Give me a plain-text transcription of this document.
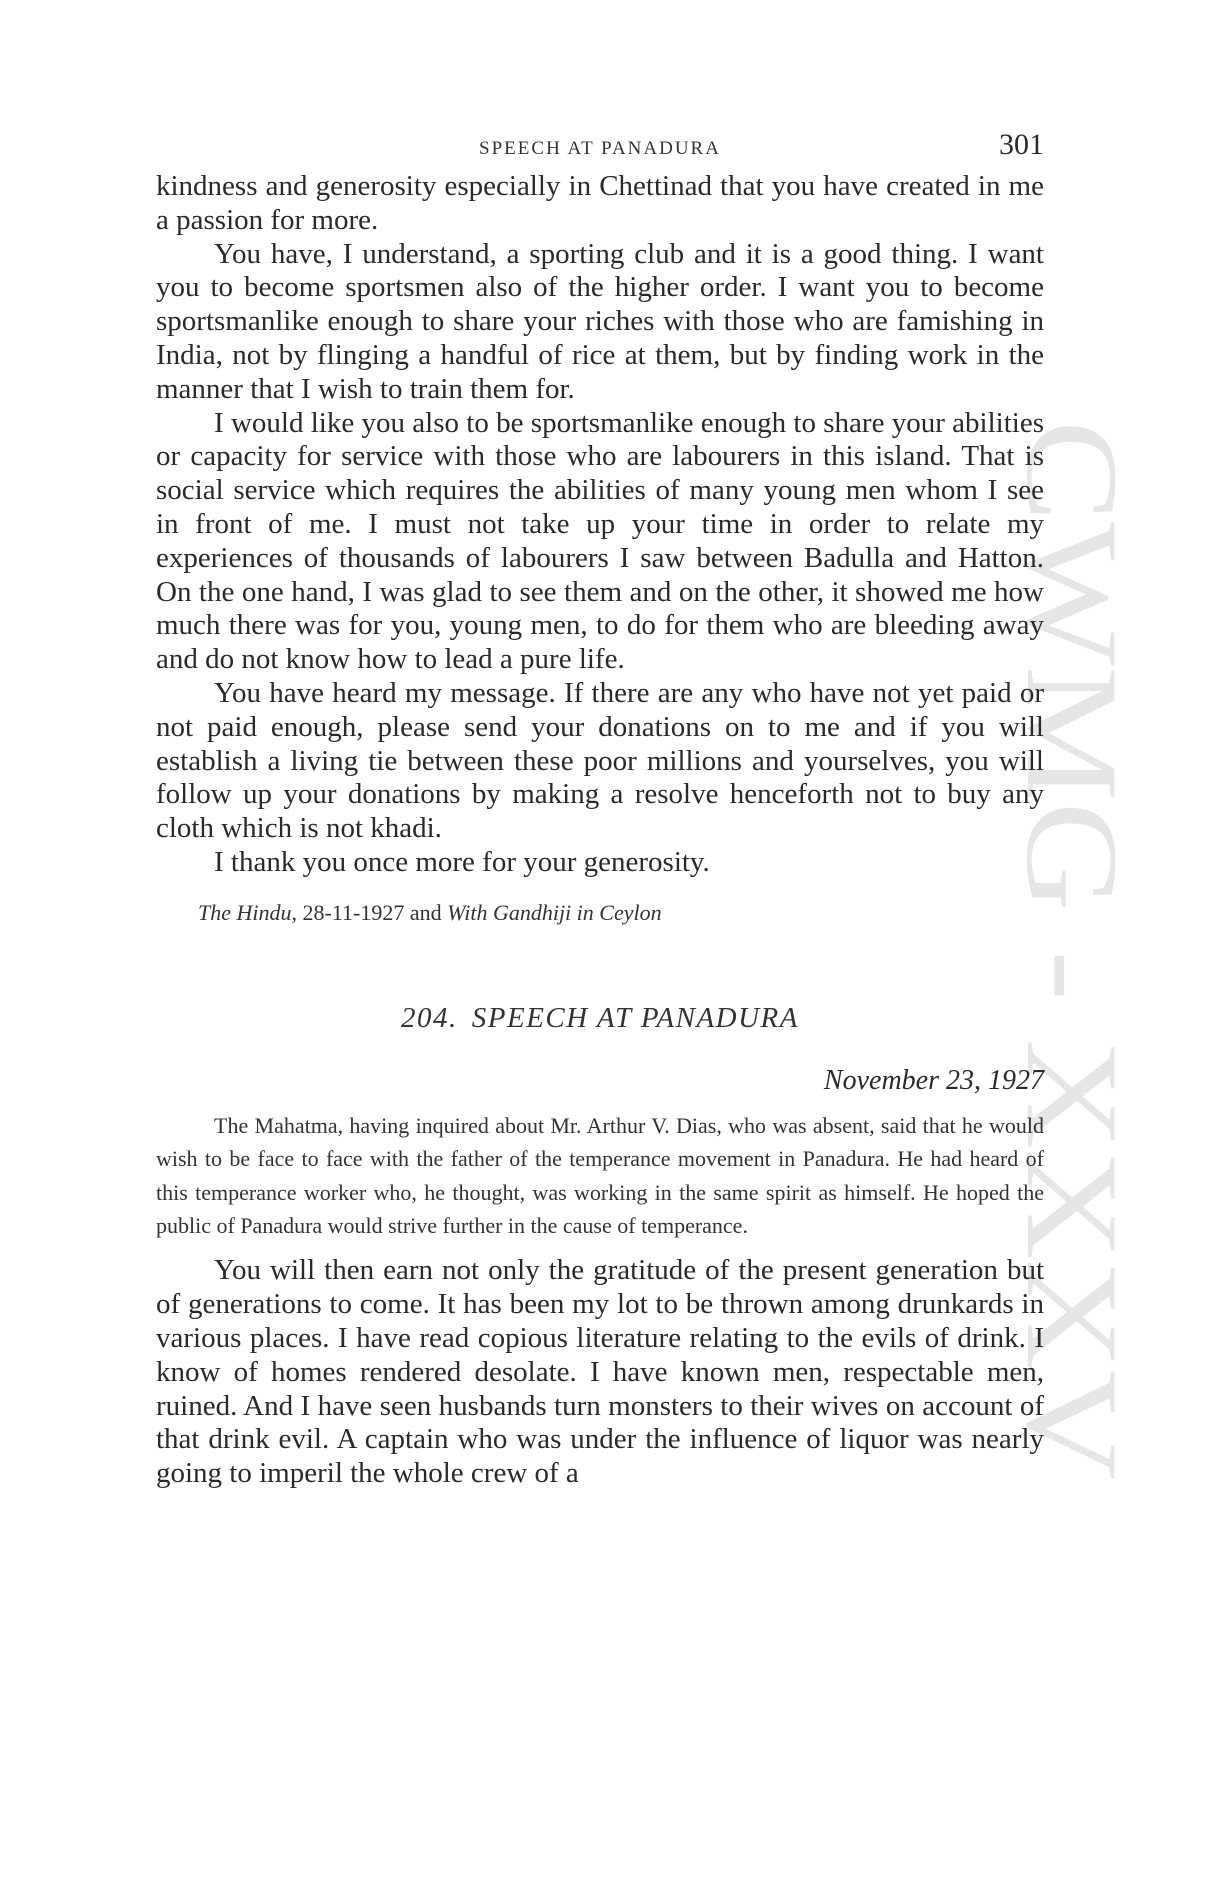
CWMG - XXXV
SPEECH AT PANADURA	301

kindness and generosity especially in Chettinad that you have created in me a passion for more.

You have, I understand, a sporting club and it is a good thing. I want you to become sportsmen also of the higher order. I want you to become sportsmanlike enough to share your riches with those who are famishing in India, not by flinging a handful of rice at them, but by finding work in the manner that I wish to train them for.

I would like you also to be sportsmanlike enough to share your abilities or capacity for service with those who are labourers in this island. That is social service which requires the abilities of many young men whom I see in front of me. I must not take up your time in order to relate my experiences of thousands of labourers I saw between Badulla and Hatton. On the one hand, I was glad to see them and on the other, it showed me how much there was for you, young men, to do for them who are bleeding away and do not know how to lead a pure life.

You have heard my message. If there are any who have not yet paid or not paid enough, please send your donations on to me and if you will establish a living tie between these poor millions and yourselves, you will follow up your donations by making a resolve henceforth not to buy any cloth which is not khadi.

I thank you once more for your generosity.

The Hindu, 28-11-1927 and With Gandhiji in Ceylon
204. SPEECH AT PANADURA
November 23, 1927
The Mahatma, having inquired about Mr. Arthur V. Dias, who was absent, said that he would wish to be face to face with the father of the temperance movement in Panadura. He had heard of this temperance worker who, he thought, was working in the same spirit as himself. He hoped the public of Panadura would strive further in the cause of temperance.

You will then earn not only the gratitude of the present generation but of generations to come. It has been my lot to be thrown among drunkards in various places. I have read copious literature relating to the evils of drink. I know of homes rendered desolate. I have known men, respectable men, ruined. And I have seen husbands turn monsters to their wives on account of that drink evil. A captain who was under the influence of liquor was nearly going to imperil the whole crew of a
